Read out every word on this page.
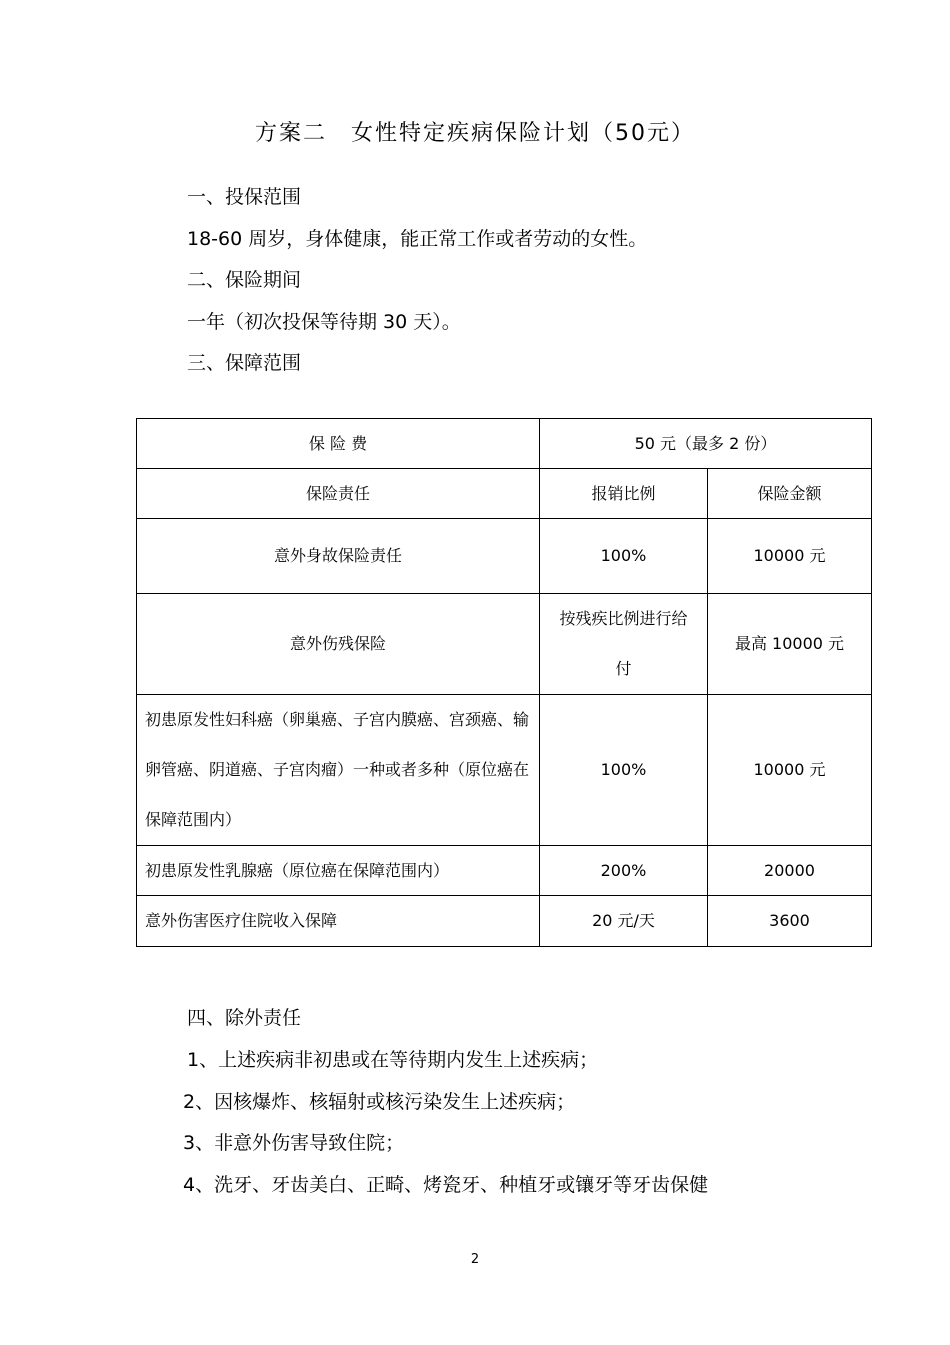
方案二　女性特定疾病保险计划（50元）
一、投保范围
18-60 周岁，身体健康，能正常工作或者劳动的女性。
二、保险期间
一年（初次投保等待期 30 天）。
三、保障范围
保 险 费	50 元（最多 2 份）	
保险责任	报销比例	保险金额
意外身故保险责任	100%	10000 元
意外伤残保险	按残疾比例进行给付	最高 10000 元
初患原发性妇科癌（卵巢癌、子宫内膜癌、宫颈癌、输卵管癌、阴道癌、子宫肉瘤）一种或者多种（原位癌在保障范围内）	100%	10000 元
初患原发性乳腺癌（原位癌在保障范围内）	200%	20000
意外伤害医疗住院收入保障	20 元/天	3600
四、除外责任
1、上述疾病非初患或在等待期内发生上述疾病；
2、因核爆炸、核辐射或核污染发生上述疾病；
3、非意外伤害导致住院；
4、洗牙、牙齿美白、正畸、烤瓷牙、种植牙或镶牙等牙齿保健
2
